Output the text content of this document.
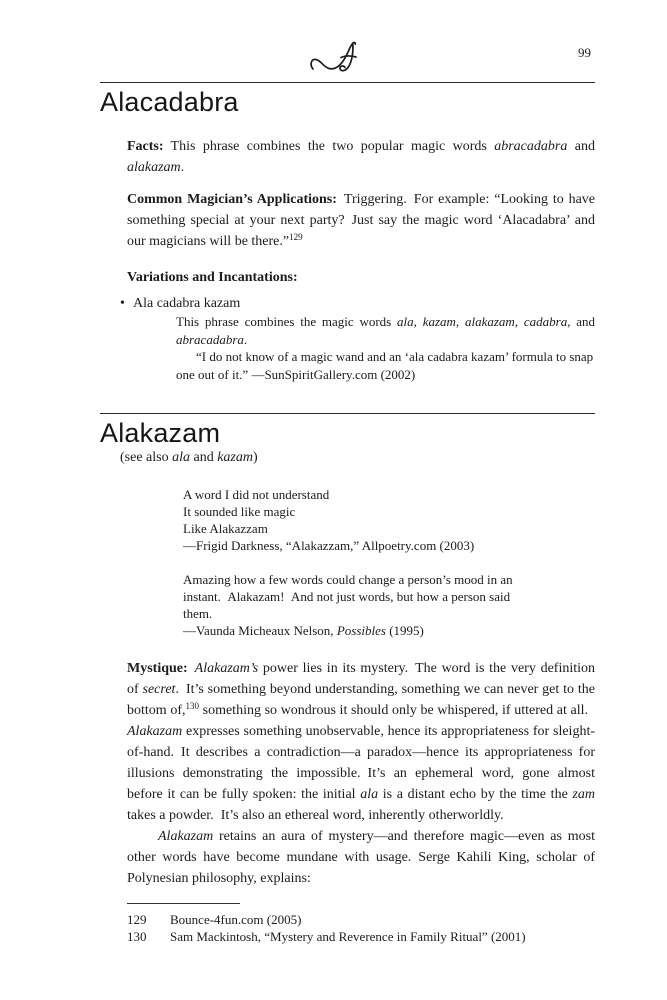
99
Alacadabra

Facts: This phrase combines the two popular magic words abracadabra and alakazam.

Common Magician’s Applications: Triggering. For example: “Looking to have something special at your next party? Just say the magic word ‘Alacadabra’ and our magicians will be there.”$^{129}$

Variations and Incantations:

• Ala cadabra kazam

This phrase combines the magic words ala, kazam, alakazam, cadabra, and abracadabra.

“I do not know of a magic wand and an ‘ala cadabra kazam’ formula to snap one out of it.” —SunSpiritGallery.com (2002)

Alakazam
(see also ala and kazam)
A word I did not understand
It sounded like magic
Like Alakazzam
—Frigid Darkness, “Alakazzam,” Allpoetry.com (2003)

Amazing how a few words could change a person’s mood in an instant. Alakazam! And not just words, but how a person said them.

—Vaunda Micheaux Nelson, Possibles (1995)

Mystique:  Alakazam’s power lies in its mystery. The word is the very definition of secret. It’s something beyond understanding, something we can never get to the bottom of,$^{130}$ something so wondrous it should only be whispered, if uttered at all. Alakazam expresses something unobservable, hence its appropriateness for sleight-of-hand. It describes a contradiction—a paradox—hence its appropriateness for illusions demonstrating the impossible. It’s an ephemeral word, gone almost before it can be fully spoken: the initial ala is a distant echo by the time the zam takes a powder. It’s also an ethereal word, inherently otherworldly.

Alakazam retains an aura of mystery—and therefore magic—even as most other words have become mundane with usage. Serge Kahili King, scholar of Polynesian philosophy, explains:

129	Bounce-4fun.com (2005)
130	Sam Mackintosh, “Mystery and Reverence in Family Ritual” (2001)
